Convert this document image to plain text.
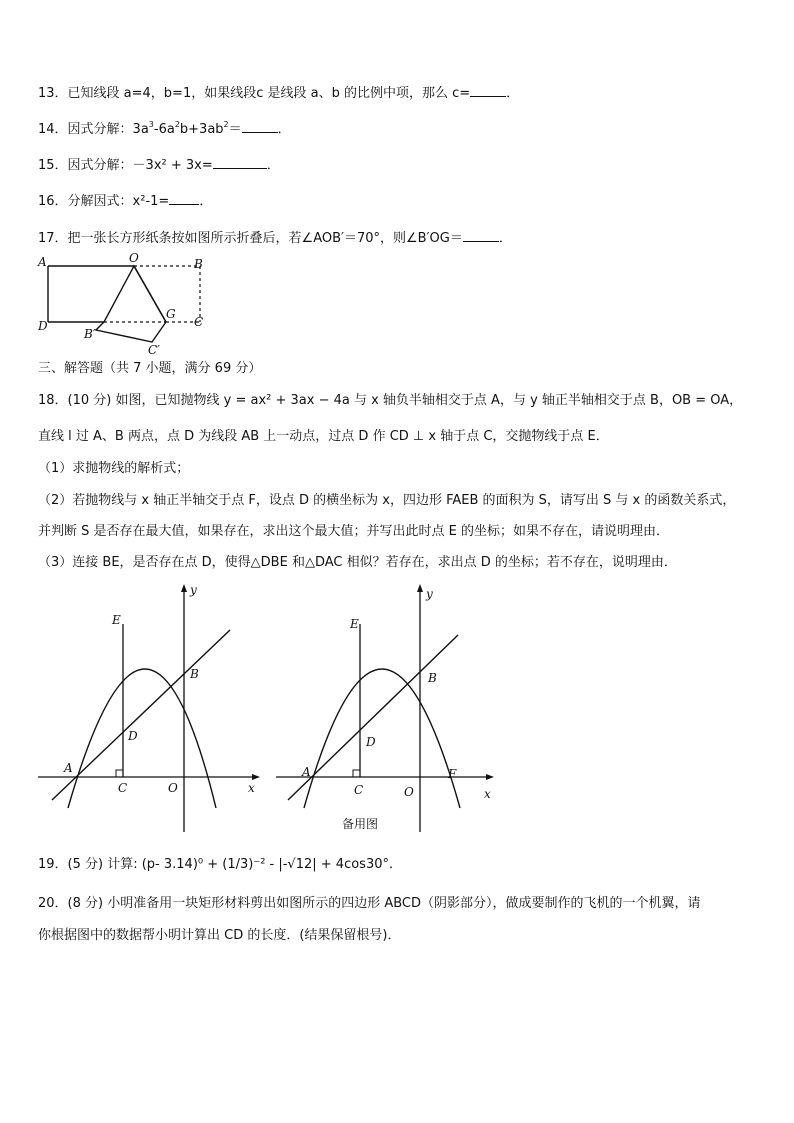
13．已知线段 a=4，b=1，如果线段c 是线段 a、b 的比例中项，那么 c=	．
14．因式分解：$3a^3-6a^2b+3ab^2=$	．
15．因式分解：－3x² + 3x=	．
16．分解因式：x²-1= ．
17．把一张长方形纸条按如图所示折叠后，若∠AOB′＝70°，则∠B′OG＝	．
A	O	B
D
B′
G
C
C′
三、解答题（共 7 小题，满分 69 分）
18．(10 分) 如图，已知抛物线 y = ax² + 3ax − 4a 与 x 轴负半轴相交于点 A，与 y 轴正半轴相交于点 B，OB = OA，
直线 l 过 A、B 两点，点 D 为线段 AB 上一动点，过点 D 作 CD ⊥ x 轴于点 C，交抛物线于点 E．
（1）求抛物线的解析式；
（2）若抛物线与 x 轴正半轴交于点 F，设点 D 的横坐标为 x，四边形 FAEB 的面积为 S，请写出 S 与 x 的函数关系式，
并判断 S 是否存在最大值，如果存在，求出这个最大值；并写出此时点 E 的坐标；如果不存在，请说明理由．
（3）连接 BE，是否存在点 D，使得△DBE 和△DAC 相似？若存在，求出点 D 的坐标；若不存在，说明理由．
y
E
B
D
A
C	O	x
y
E
B
D
A
C	O
F
x
备用图
19．(5 分) 计算: (p- 3.14)⁰ + (1/3)⁻² - |-√12| + 4cos30°．
20．(8 分) 小明准备用一块矩形材料剪出如图所示的四边形 ABCD（阴影部分），做成要制作的飞机的一个机翼，请
你根据图中的数据帮小明计算出 CD 的长度．(结果保留根号)．
